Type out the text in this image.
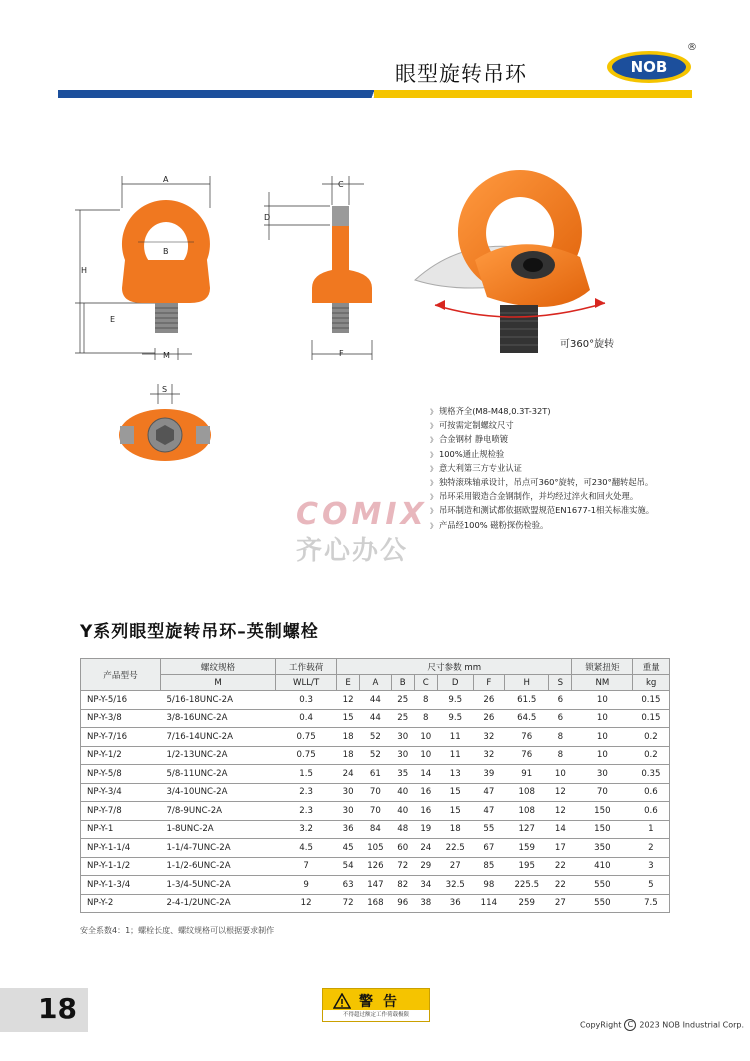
眼型旋转吊环	NOB
®
A
B
H
E
M
C
D
F
S
可360°旋转
》 规格齐全(M8-M48,0.3T-32T)
》 可按需定制螺纹尺寸
》 合金钢材 静电喷镀
》 100%通止规检验
》 意大利第三方专业认证
》 独特滚珠轴承设计，吊点可360°旋转，可230°翻转起吊。
》 吊环采用锻造合金钢制作，并均经过淬火和回火处理。
》 吊环制造和测试都依据欧盟规范EN1677-1相关标准实施。
》 产品经100% 磁粉探伤检验。
COMIX
齐心办公
Y系列眼型旋转吊环–英制螺栓
产品型号	螺纹规格	工作载荷	尺寸参数 mm								锁紧扭矩	重量
	M	WLL/T	E	A	B	C	D	F	H	S	NM	kg
NP-Y-5/16	5/16-18UNC-2A	0.3	12	44	25	8	9.5	26	61.5	6	10	0.15
NP-Y-3/8	3/8-16UNC-2A	0.4	15	44	25	8	9.5	26	64.5	6	10	0.15
NP-Y-7/16	7/16-14UNC-2A	0.75	18	52	30	10	11	32	76	8	10	0.2
NP-Y-1/2	1/2-13UNC-2A	0.75	18	52	30	10	11	32	76	8	10	0.2
NP-Y-5/8	5/8-11UNC-2A	1.5	24	61	35	14	13	39	91	10	30	0.35
NP-Y-3/4	3/4-10UNC-2A	2.3	30	70	40	16	15	47	108	12	70	0.6
NP-Y-7/8	7/8-9UNC-2A	2.3	30	70	40	16	15	47	108	12	150	0.6
NP-Y-1	1-8UNC-2A	3.2	36	84	48	19	18	55	127	14	150	1
NP-Y-1-1/4	1-1/4-7UNC-2A	4.5	45	105	60	24	22.5	67	159	17	350	2
NP-Y-1-1/2	1-1/2-6UNC-2A	7	54	126	72	29	27	85	195	22	410	3
NP-Y-1-3/4	1-3/4-5UNC-2A	9	63	147	82	34	32.5	98	225.5	22	550	5
NP-Y-2	2-4-1/2UNC-2A	12	72	168	96	38	36	114	259	27	550	7.5
安全系数4：1；螺栓长度、螺纹规格可以根据要求制作
18	警告
不得超过额定工作荷载极限
CopyRight C 2023 NOB Industrial Corp.
